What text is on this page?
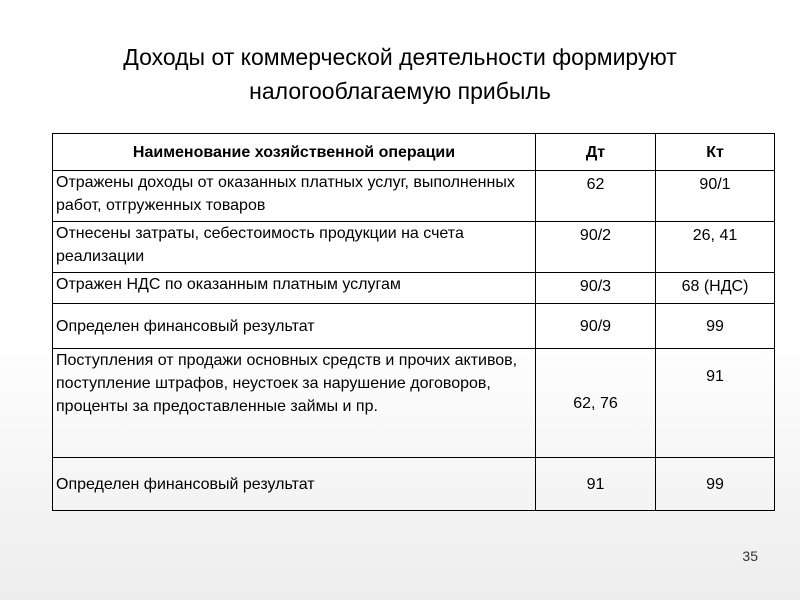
Доходы от коммерческой деятельности формируют
налогооблагаемую прибыль
Наименование хозяйственной операции	Дт	Кт
Отражены доходы от оказанных платных услуг, выполненных работ, отгруженных товаров	62	90/1
Отнесены затраты, себестоимость продукции на счета реализации	90/2	26, 41
Отражен НДС по оказанным платным услугам	90/3	68 (НДС)
Определен финансовый результат	90/9	99
Поступления от продажи основных средств и прочих активов, поступление штрафов, неустоек за нарушение договоров, проценты за предоставленные займы и пр.	62, 76	91
Определен финансовый результат	91	99
35
